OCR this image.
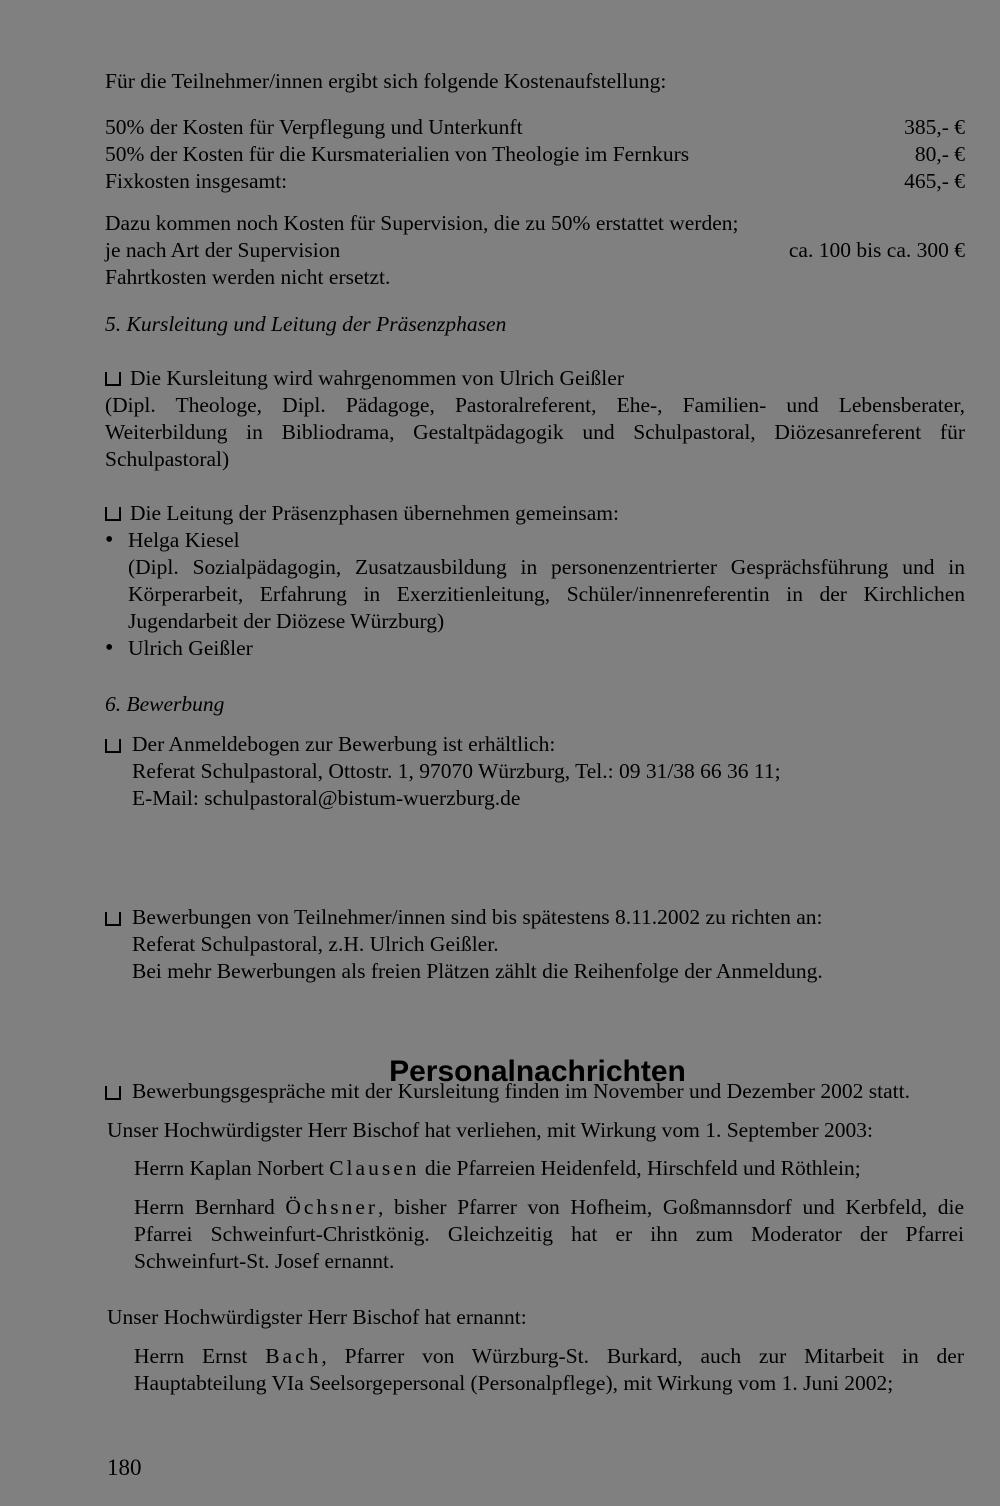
Für die Teilnehmer/innen ergibt sich folgende Kostenaufstellung:

50% der Kosten für Verpflegung und Unterkunft	385,- €
50% der Kosten für die Kursmaterialien von Theologie im Fernkurs	80,- €
Fixkosten insgesamt:	465,- €

Dazu kommen noch Kosten für Supervision, die zu 50% erstattet werden;

je nach Art der Supervision	ca. 100 bis ca. 300 €

Fahrtkosten werden nicht ersetzt.

5. Kursleitung und Leitung der Präsenzphasen

Die Kursleitung wird wahrgenommen von Ulrich Geißler

(Dipl. Theologe, Dipl. Pädagoge, Pastoralreferent, Ehe-, Familien- und Lebensberater, Weiterbildung in Bibliodrama, Gestaltpädagogik und Schulpastoral, Diözesanreferent für Schulpastoral)

Die Leitung der Präsenzphasen übernehmen gemeinsam:

• Helga Kiesel

(Dipl. Sozialpädagogin, Zusatzausbildung in personenzentrierter Gesprächsführung und in Körperarbeit, Erfahrung in Exerzitienleitung, Schüler/innenreferentin in der Kirchlichen Jugendarbeit der Diözese Würzburg)

• Ulrich Geißler

6. Bewerbung

Der Anmeldebogen zur Bewerbung ist erhältlich:

Referat Schulpastoral, Ottostr. 1, 97070 Würzburg, Tel.: 09 31/38 66 36 11;

E-Mail: schulpastoral@bistum-wuerzburg.de

Bewerbungen von Teilnehmer/innen sind bis spätestens 8.11.2002 zu richten an:

Referat Schulpastoral, z.H. Ulrich Geißler.

Bei mehr Bewerbungen als freien Plätzen zählt die Reihenfolge der Anmeldung.

Bewerbungsgespräche mit der Kursleitung finden im November und Dezember 2002 statt.

Personalnachrichten

Unser Hochwürdigster Herr Bischof hat verliehen, mit Wirkung vom 1. September 2003:

Herrn Kaplan Norbert Clausen die Pfarreien Heidenfeld, Hirschfeld und Röthlein;

Herrn Bernhard Öchsner, bisher Pfarrer von Hofheim, Goßmannsdorf und Kerbfeld, die Pfarrei Schweinfurt-Christkönig. Gleichzeitig hat er ihn zum Moderator der Pfarrei Schweinfurt-St. Josef ernannt.

Unser Hochwürdigster Herr Bischof hat ernannt:

Herrn Ernst Bach, Pfarrer von Würzburg-St. Burkard, auch zur Mitarbeit in der Hauptabteilung VIa Seelsorgepersonal (Personalpflege), mit Wirkung vom 1. Juni 2002;

180
